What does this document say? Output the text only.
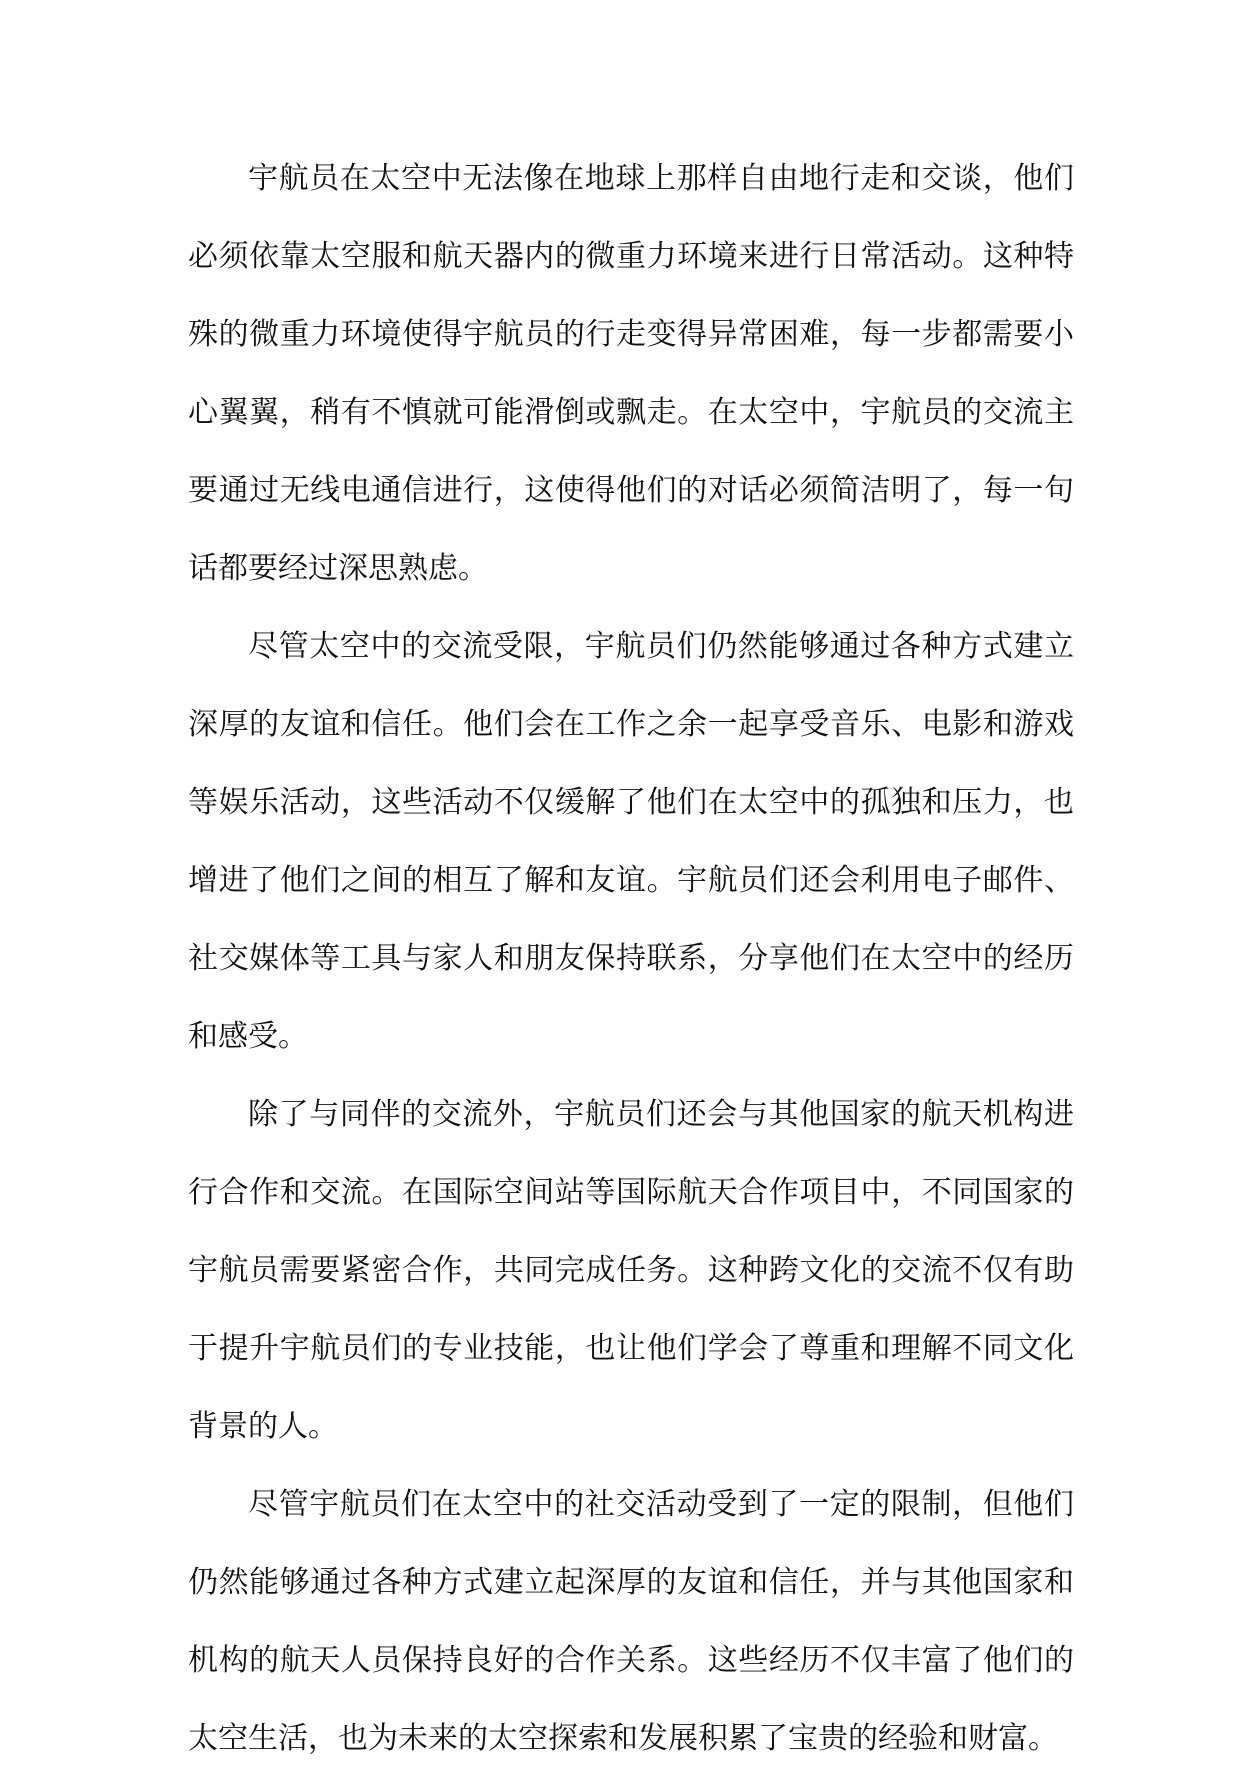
宇航员在太空中无法像在地球上那样自由地行走和交谈，他们必须依靠太空服和航天器内的微重力环境来进行日常活动。这种特殊的微重力环境使得宇航员的行走变得异常困难，每一步都需要小心翼翼，稍有不慎就可能滑倒或飘走。在太空中，宇航员的交流主要通过无线电通信进行，这使得他们的对话必须简洁明了，每一句话都要经过深思熟虑。

尽管太空中的交流受限，宇航员们仍然能够通过各种方式建立深厚的友谊和信任。他们会在工作之余一起享受音乐、电影和游戏等娱乐活动，这些活动不仅缓解了他们在太空中的孤独和压力，也增进了他们之间的相互了解和友谊。宇航员们还会利用电子邮件、社交媒体等工具与家人和朋友保持联系，分享他们在太空中的经历和感受。

除了与同伴的交流外，宇航员们还会与其他国家的航天机构进行合作和交流。在国际空间站等国际航天合作项目中，不同国家的宇航员需要紧密合作，共同完成任务。这种跨文化的交流不仅有助于提升宇航员们的专业技能，也让他们学会了尊重和理解不同文化背景的人。

尽管宇航员们在太空中的社交活动受到了一定的限制，但他们仍然能够通过各种方式建立起深厚的友谊和信任，并与其他国家和机构的航天人员保持良好的合作关系。这些经历不仅丰富了他们的太空生活，也为未来的太空探索和发展积累了宝贵的经验和财富。
